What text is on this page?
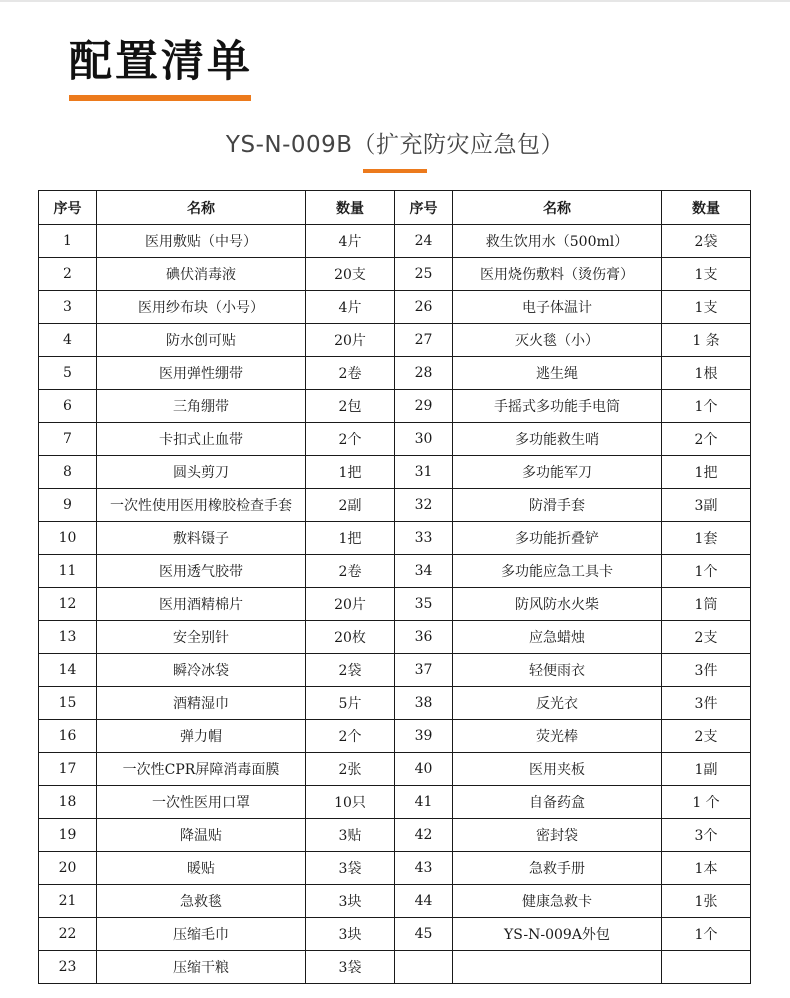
配置清单
YS-N-009B（扩充防灾应急包）
序号	名称	数量	序号	名称	数量
1	医用敷贴（中号）	4片	24	救生饮用水（500ml）	2袋
2	碘伏消毒液	20支	25	医用烧伤敷料（烫伤膏）	1支
3	医用纱布块（小号）	4片	26	电子体温计	1支
4	防水创可贴	20片	27	灭火毯（小）	1 条
5	医用弹性绷带	2卷	28	逃生绳	1根
6	三角绷带	2包	29	手摇式多功能手电筒	1个
7	卡扣式止血带	2个	30	多功能救生哨	2个
8	圆头剪刀	1把	31	多功能军刀	1把
9	一次性使用医用橡胶检查手套	2副	32	防滑手套	3副
10	敷料镊子	1把	33	多功能折叠铲	1套
11	医用透气胶带	2卷	34	多功能应急工具卡	1个
12	医用酒精棉片	20片	35	防风防水火柴	1筒
13	安全别针	20枚	36	应急蜡烛	2支
14	瞬冷冰袋	2袋	37	轻便雨衣	3件
15	酒精湿巾	5片	38	反光衣	3件
16	弹力帽	2个	39	荧光棒	2支
17	一次性CPR屏障消毒面膜	2张	40	医用夹板	1副
18	一次性医用口罩	10只	41	自备药盒	1 个
19	降温贴	3贴	42	密封袋	3个
20	暖贴	3袋	43	急救手册	1本
21	急救毯	3块	44	健康急救卡	1张
22	压缩毛巾	3块	45	YS-N-009A外包	1个
23	压缩干粮	3袋			
